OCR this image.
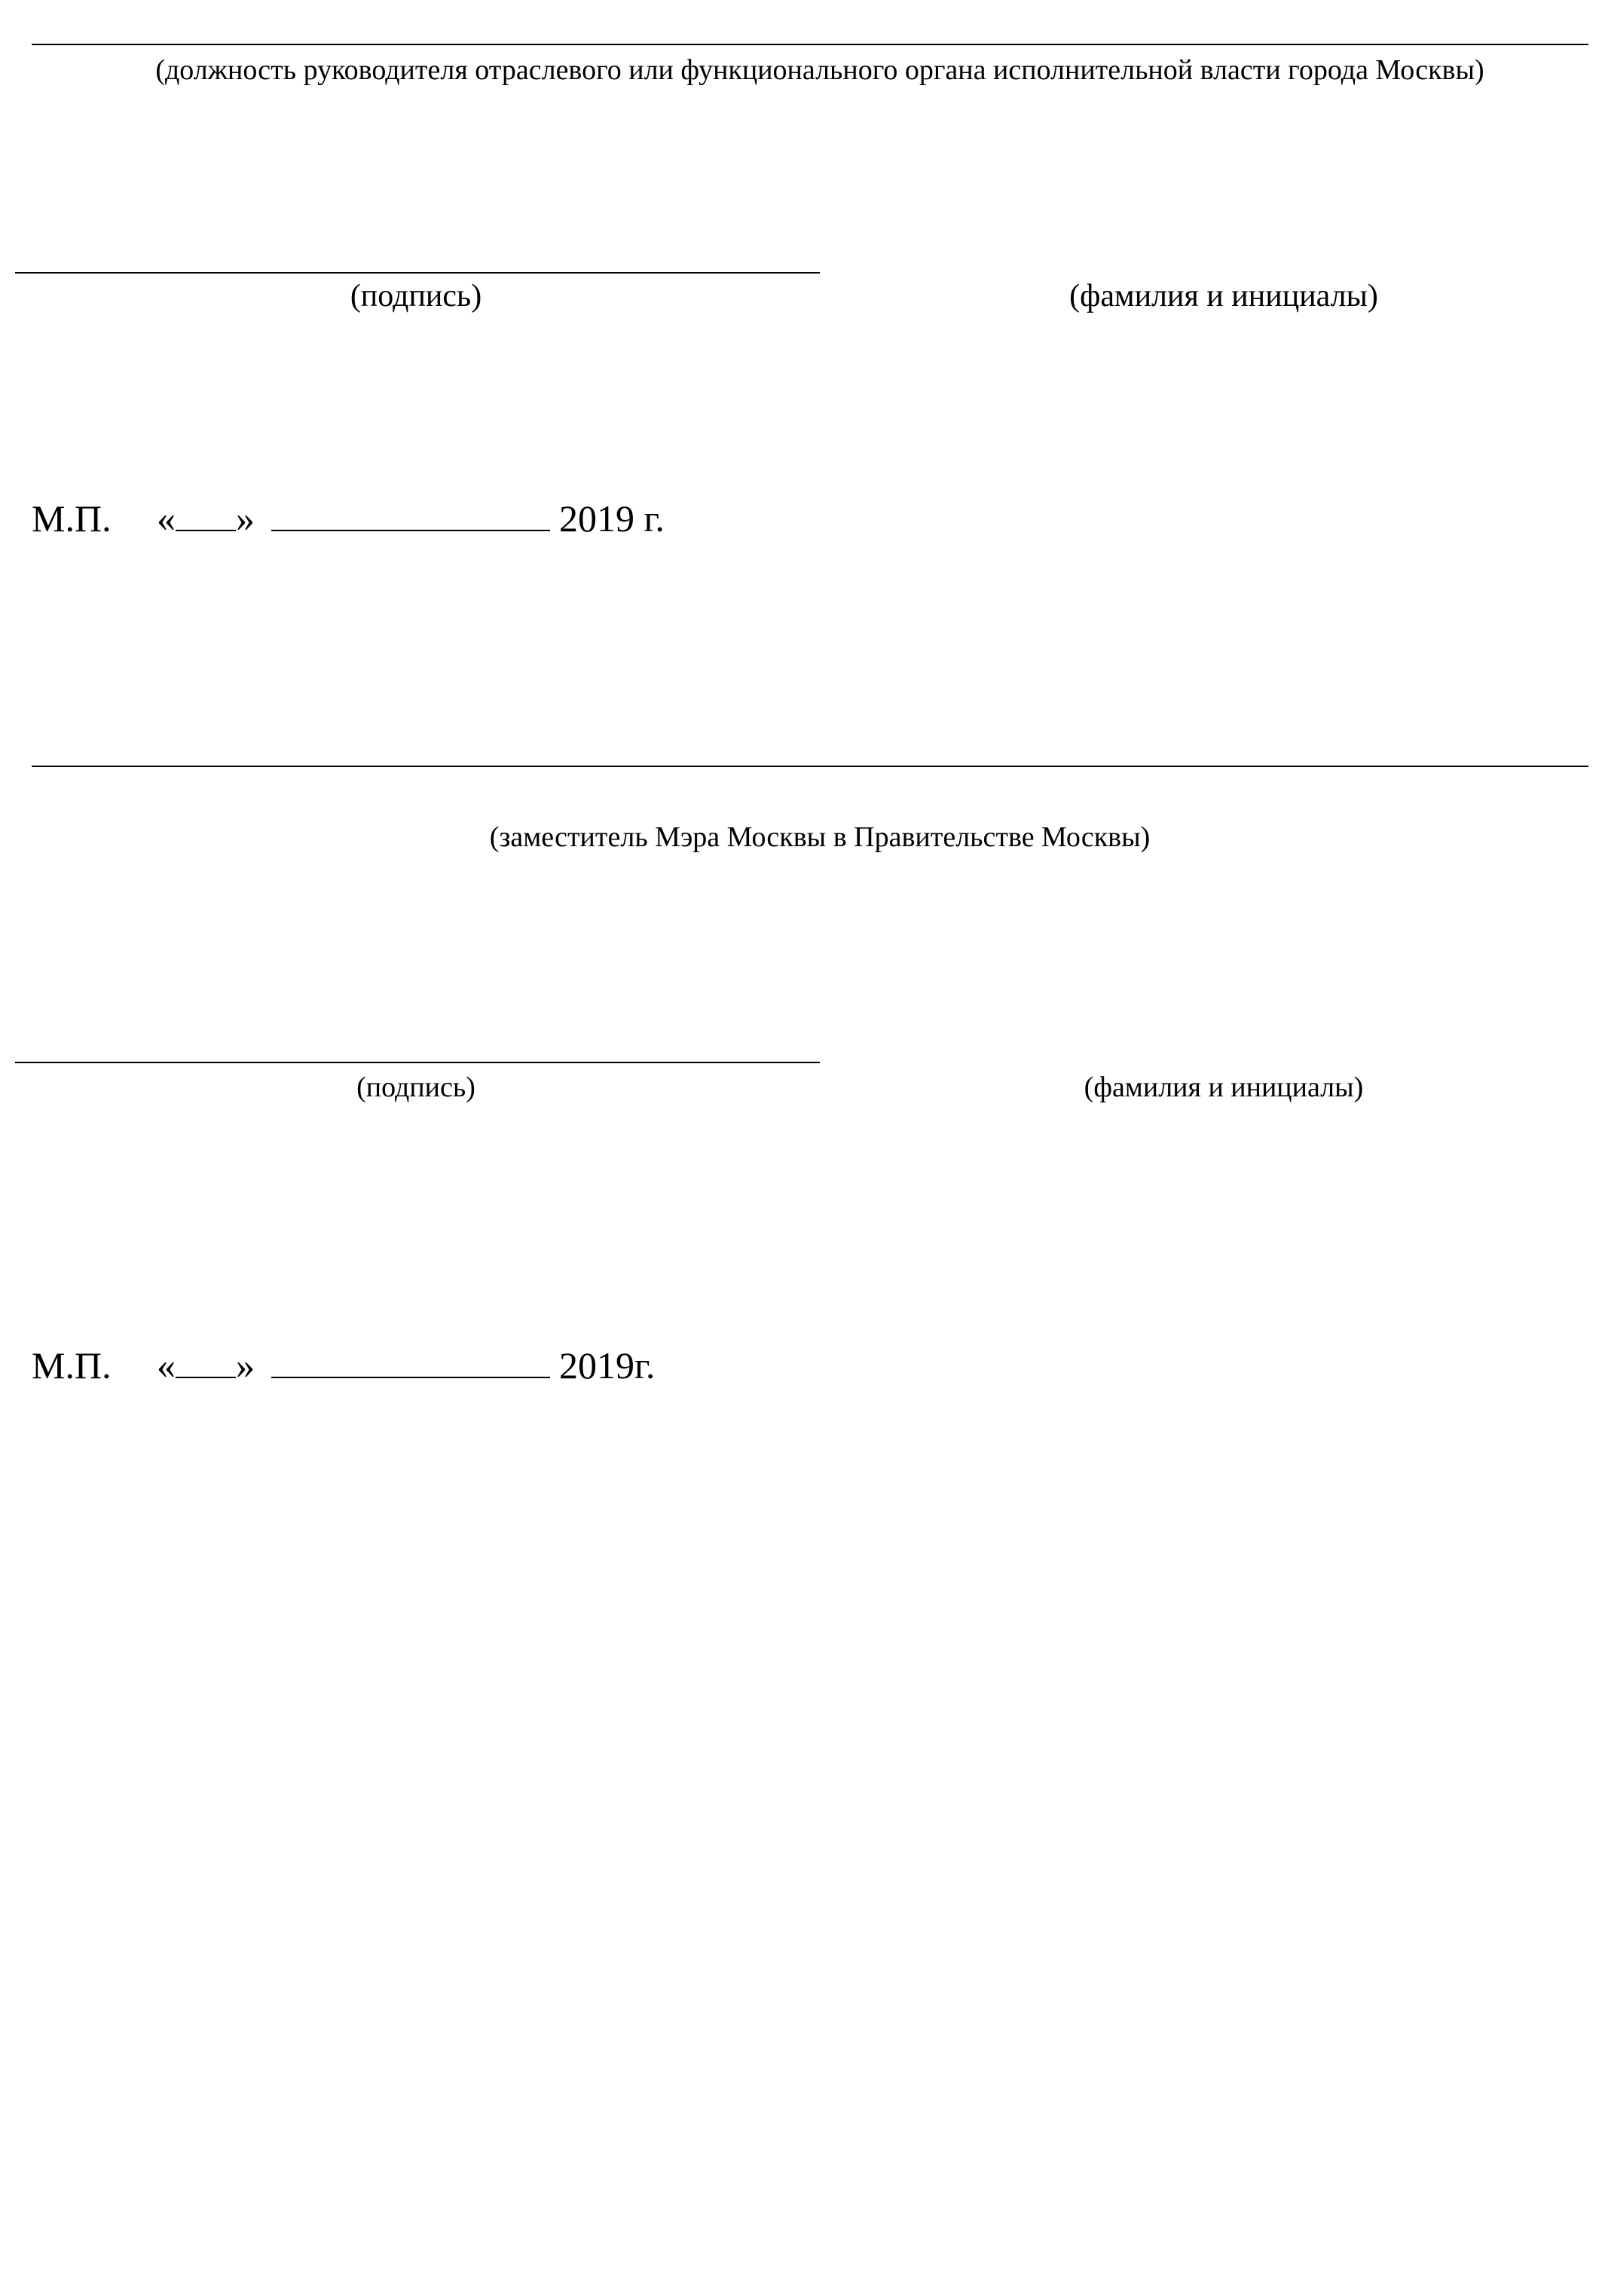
(должность руководителя отраслевого или функционального органа исполнительной власти города Москвы)
(подпись)	(фамилия и инициалы)
М.П. « »	2019 г.
(заместитель Мэра Москвы в Правительстве Москвы)
(подпись)	(фамилия и инициалы)
М.П. « »	2019г.
